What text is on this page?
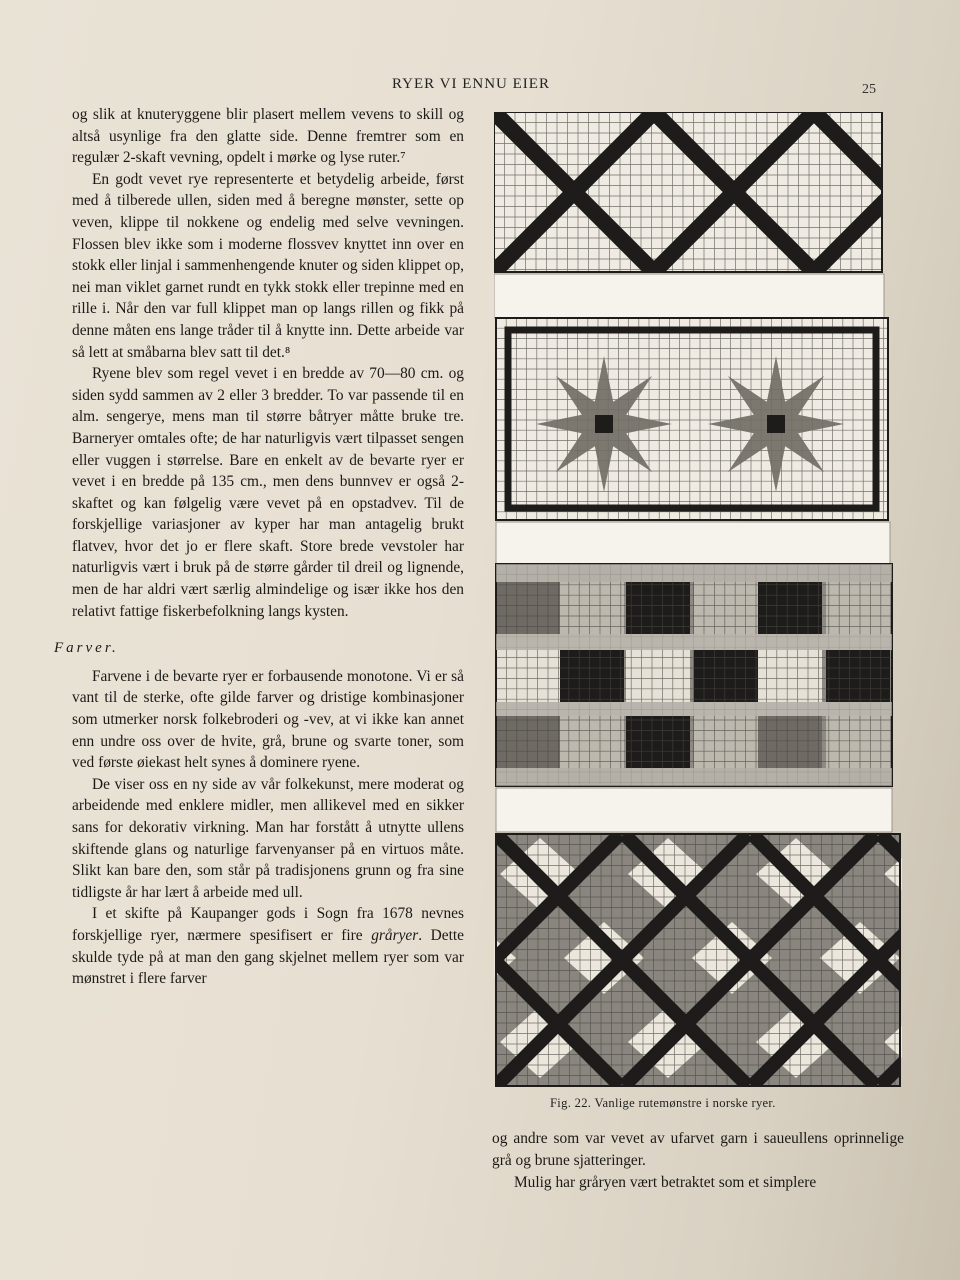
RYER VI ENNU EIER	25

og slik at knuteryggene blir plasert mellem vevens to skill og altså usynlige fra den glatte side. Denne fremtrer som en regulær 2-skaft vevning, opdelt i mørke og lyse ruter.⁷

En godt vevet rye representerte et betydelig arbeide, først med å tilberede ullen, siden med å beregne mønster, sette op veven, klippe til nokkene og endelig med selve vevningen. Flossen blev ikke som i moderne flossvev knyttet inn over en stokk eller linjal i sammenhengende knuter og siden klippet op, nei man viklet garnet rundt en tykk stokk eller trepinne med en rille i. Når den var full klippet man op langs rillen og fikk på denne måten ens lange tråder til å knytte inn. Dette arbeide var så lett at småbarna blev satt til det.⁸

Ryene blev som regel vevet i en bredde av 70—80 cm. og siden sydd sammen av 2 eller 3 bredder. To var passende til en alm. sengerye, mens man til større båtryer måtte bruke tre. Barneryer omtales ofte; de har naturligvis vært tilpasset sengen eller vuggen i størrelse. Bare en enkelt av de bevarte ryer er vevet i en bredde på 135 cm., men dens bunnvev er også 2-skaftet og kan følgelig være vevet på en opstadvev. Til de forskjellige variasjoner av kyper har man antagelig brukt flatvev, hvor det jo er flere skaft. Store brede vevstoler har naturligvis vært i bruk på de større gårder til dreil og lignende, men de har aldri vært særlig almindelige og især ikke hos den relativt fattige fiskerbefolkning langs kysten.

Farver.

Farvene i de bevarte ryer er forbausende monotone. Vi er så vant til de sterke, ofte gilde farver og dristige kombinasjoner som utmerker norsk folkebroderi og -vev, at vi ikke kan annet enn undre oss over de hvite, grå, brune og svarte toner, som ved første øiekast helt synes å dominere ryene.

De viser oss en ny side av vår folkekunst, mere moderat og arbeidende med enklere midler, men allikevel med en sikker sans for dekorativ virkning. Man har forstått å utnytte ullens skiftende glans og naturlige farvenyanser på en virtuos måte. Slikt kan bare den, som står på tradisjonens grunn og fra sine tidligste år har lært å arbeide med ull.

I et skifte på Kaupanger gods i Sogn fra 1678 nevnes forskjellige ryer, nærmere spesifisert er fire gråryer. Dette skulde tyde på at man den gang skjelnet mellem ryer som var mønstret i flere farver

Fig. 22. Vanlige rutemønstre i norske ryer.

og andre som var vevet av ufarvet garn i saueullens oprinnelige grå og brune sjatteringer.

Mulig har gråryen vært betraktet som et simplere
